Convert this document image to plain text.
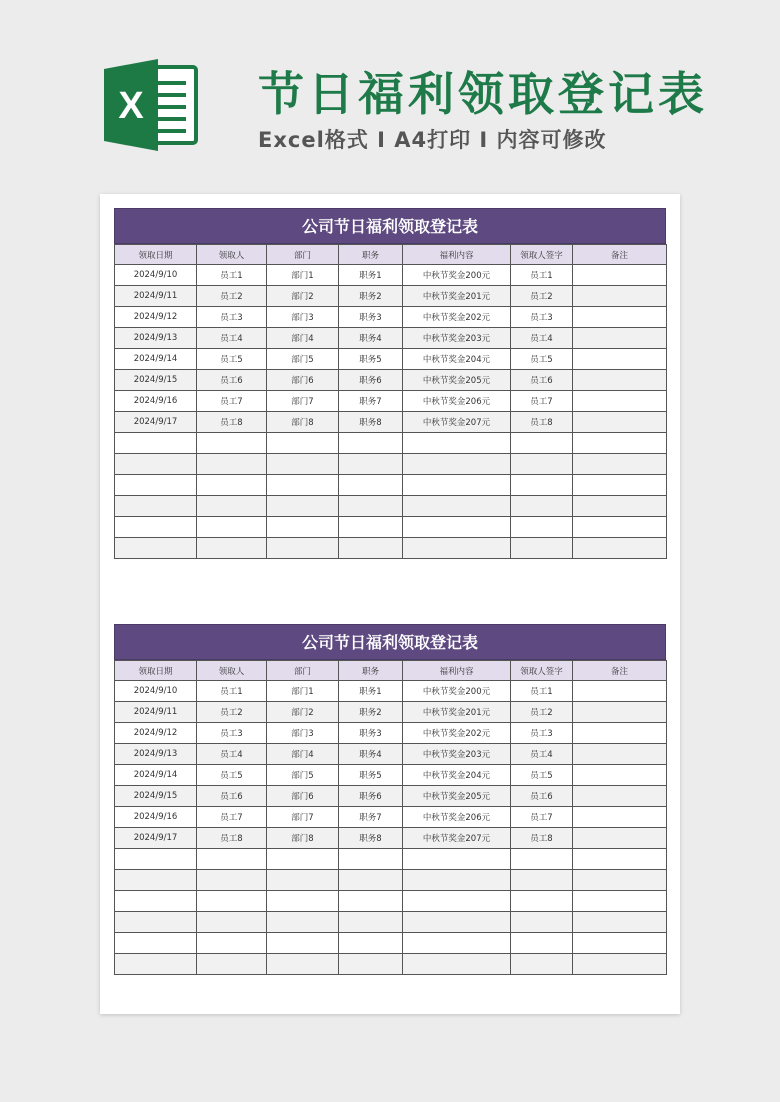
X 节日福利领取登记表
Excel格式 I A4打印 I 内容可修改
公司节日福利领取登记表
领取日期	领取人	部门	职务	福利内容	领取人签字	备注
2024/9/10	员工1	部门1	职务1	中秋节奖金200元	员工1	
2024/9/11	员工2	部门2	职务2	中秋节奖金201元	员工2	
2024/9/12	员工3	部门3	职务3	中秋节奖金202元	员工3	
2024/9/13	员工4	部门4	职务4	中秋节奖金203元	员工4	
2024/9/14	员工5	部门5	职务5	中秋节奖金204元	员工5	
2024/9/15	员工6	部门6	职务6	中秋节奖金205元	员工6	
2024/9/16	员工7	部门7	职务7	中秋节奖金206元	员工7	
2024/9/17	员工8	部门8	职务8	中秋节奖金207元	员工8	

公司节日福利领取登记表
领取日期	领取人	部门	职务	福利内容	领取人签字	备注
2024/9/10	员工1	部门1	职务1	中秋节奖金200元	员工1	
2024/9/11	员工2	部门2	职务2	中秋节奖金201元	员工2	
2024/9/12	员工3	部门3	职务3	中秋节奖金202元	员工3	
2024/9/13	员工4	部门4	职务4	中秋节奖金203元	员工4	
2024/9/14	员工5	部门5	职务5	中秋节奖金204元	员工5	
2024/9/15	员工6	部门6	职务6	中秋节奖金205元	员工6	
2024/9/16	员工7	部门7	职务7	中秋节奖金206元	员工7	
2024/9/17	员工8	部门8	职务8	中秋节奖金207元	员工8	
